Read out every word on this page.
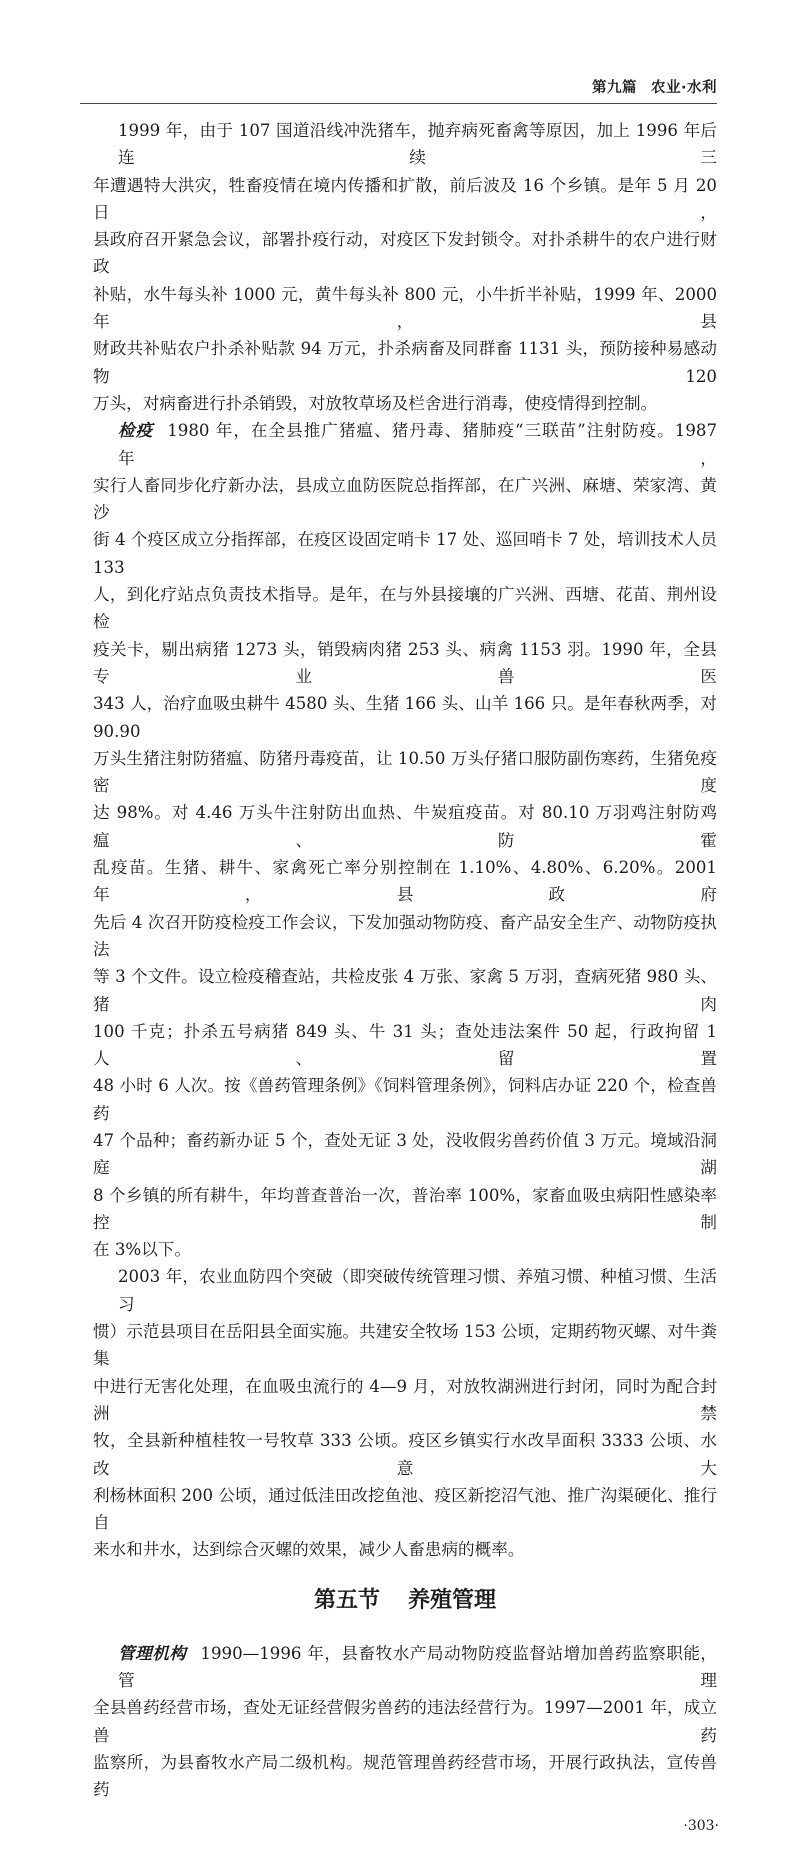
第九篇 农业·水利
1999 年，由于 107 国道沿线冲洗猪车，抛弃病死畜禽等原因，加上 1996 年后连续三
年遭遇特大洪灾，牲畜疫情在境内传播和扩散，前后波及 16 个乡镇。是年 5 月 20 日，
县政府召开紧急会议，部署扑疫行动，对疫区下发封锁令。对扑杀耕牛的农户进行财政
补贴，水牛每头补 1000 元，黄牛每头补 800 元，小牛折半补贴，1999 年、2000 年，县
财政共补贴农户扑杀补贴款 94 万元，扑杀病畜及同群畜 1131 头，预防接种易感动物 120
万头，对病畜进行扑杀销毁，对放牧草场及栏舍进行消毒，使疫情得到控制。
检疫 1980 年，在全县推广猪瘟、猪丹毒、猪肺疫“三联苗”注射防疫。1987 年，
实行人畜同步化疗新办法，县成立血防医院总指挥部，在广兴洲、麻塘、荣家湾、黄沙
街 4 个疫区成立分指挥部，在疫区设固定哨卡 17 处、巡回哨卡 7 处，培训技术人员 133
人，到化疗站点负责技术指导。是年，在与外县接壤的广兴洲、西塘、花苗、荆州设检
疫关卡，剔出病猪 1273 头，销毁病肉猪 253 头、病禽 1153 羽。1990 年，全县专业兽医
343 人，治疗血吸虫耕牛 4580 头、生猪 166 头、山羊 166 只。是年春秋两季，对 90.90
万头生猪注射防猪瘟、防猪丹毒疫苗，让 10.50 万头仔猪口服防副伤寒药，生猪免疫密度
达 98%。对 4.46 万头牛注射防出血热、牛炭疽疫苗。对 80.10 万羽鸡注射防鸡瘟、防霍
乱疫苗。生猪、耕牛、家禽死亡率分别控制在 1.10%、4.80%、6.20%。2001 年，县政府
先后 4 次召开防疫检疫工作会议，下发加强动物防疫、畜产品安全生产、动物防疫执法
等 3 个文件。设立检疫稽查站，共检皮张 4 万张、家禽 5 万羽，查病死猪 980 头、猪肉
100 千克；扑杀五号病猪 849 头、牛 31 头；查处违法案件 50 起，行政拘留 1 人、留置
48 小时 6 人次。按《兽药管理条例》《饲料管理条例》，饲料店办证 220 个，检查兽药
47 个品种；畜药新办证 5 个，查处无证 3 处，没收假劣兽药价值 3 万元。境域沿洞庭湖
8 个乡镇的所有耕牛，年均普查普治一次，普治率 100%，家畜血吸虫病阳性感染率控制
在 3%以下。
2003 年，农业血防四个突破（即突破传统管理习惯、养殖习惯、种植习惯、生活习
惯）示范县项目在岳阳县全面实施。共建安全牧场 153 公顷，定期药物灭螺、对牛粪集
中进行无害化处理，在血吸虫流行的 4—9 月，对放牧湖洲进行封闭，同时为配合封洲禁
牧，全县新种植桂牧一号牧草 333 公顷。疫区乡镇实行水改旱面积 3333 公顷、水改意大
利杨林面积 200 公顷，通过低洼田改挖鱼池、疫区新挖沼气池、推广沟渠硬化、推行自
来水和井水，达到综合灭螺的效果，减少人畜患病的概率。
第五节 养殖管理
管理机构 1990—1996 年，县畜牧水产局动物防疫监督站增加兽药监察职能，管理
全县兽药经营市场，查处无证经营假劣兽药的违法经营行为。1997—2001 年，成立兽药
监察所，为县畜牧水产局二级机构。规范管理兽药经营市场，开展行政执法，宣传兽药
·303·
